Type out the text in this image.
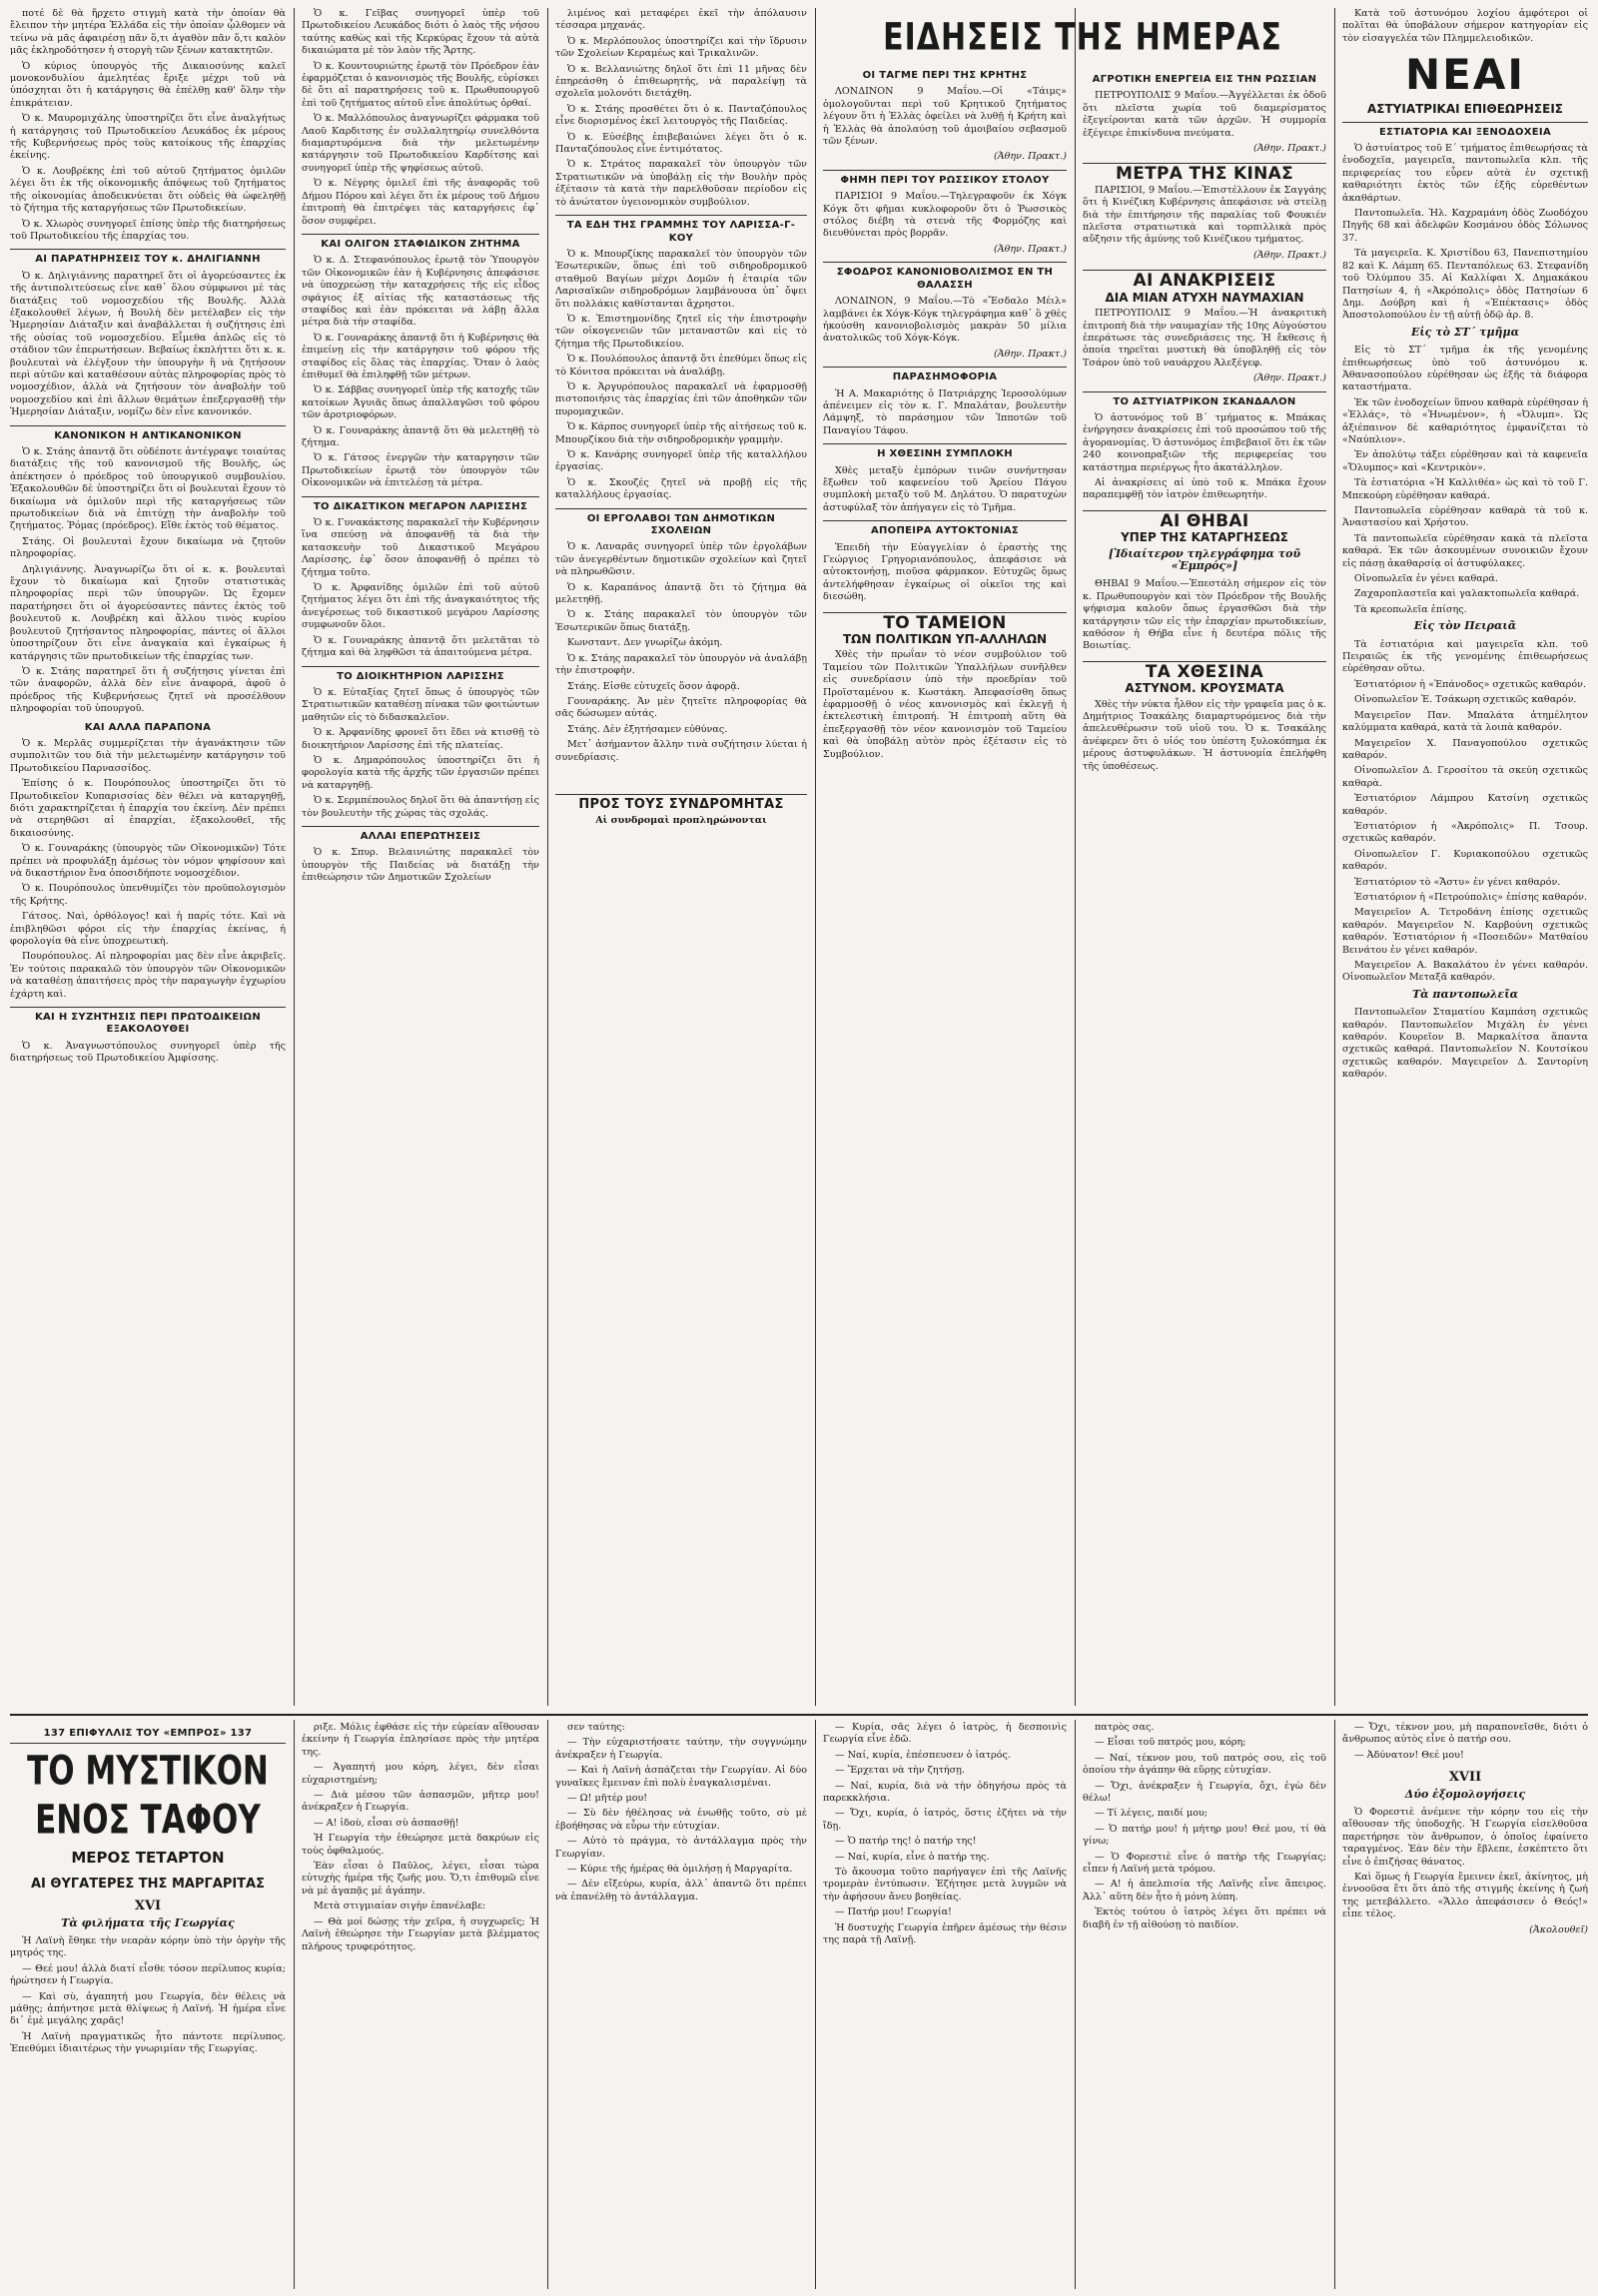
ποτέ δὲ θὰ ἤρχετο στιγμὴ κατὰ τὴν ὁποίαν θὰ ἔλειπον τὴν μητέρα Ἑλλάδα εἰς τὴν ὁποίαν ᾧλθομεν νὰ τείνω νὰ μᾶς ἀφαιρέσῃ πᾶν ὅ,τι ἀγαθὸν πᾶν ὅ,τι καλὸν μᾶς ἐκληροδότησεν ἡ στοργὴ τῶν ξένων κατακτητῶν.

Ὁ κύριος ὑπουργὸς τῆς Δικαιοσύνης καλεῖ μονοκονδυλίου ἀμελητέας ἔριξε μέχρι τοῦ νὰ ὑπόσχηται ὅτι ἡ κατάργησις θὰ ἐπέλθῃ καθ' ὅλην τὴν ἐπικράτειαν.

Ὁ κ. Μαυρομιχάλης ὑποστηρίζει ὅτι εἶνε ἀναλγήτως ἡ κατάργησις τοῦ Πρωτοδικείου Λευκάδος ἐκ μέρους τῆς Κυβερνήσεως πρὸς τοὺς κατοίκους τῆς ἐπαρχίας ἐκείνης.

Ὁ κ. Λουβρέκης ἐπὶ τοῦ αὐτοῦ ζητήματος ὁμιλῶν λέγει ὅτι ἐκ τῆς οἰκονομικῆς ἀπόψεως τοῦ ζητήματος τῆς οἰκονομίας ἀποδεικνύεται ὅτι οὐδεὶς θὰ ὠφεληθῇ τὸ ζήτημα τῆς καταργήσεως τῶν Πρωτοδικείων.

Ὁ κ. Χλωρὸς συνηγορεῖ ἐπίσης ὑπὲρ τῆς διατηρήσεως τοῦ Πρωτοδικείου τῆς ἐπαρχίας του.

ΑΙ ΠΑΡΑΤΗΡΗΣΕΙΣ ΤΟΥ κ. ΔΗΛΙΓΙΑΝΝΗ

Ὁ κ. Δηλιγιάννης παρατηρεῖ ὅτι οἱ ἀγορεύσαντες ἐκ τῆς ἀντιπολιτεύσεως εἶνε καθ᾽ ὅλου σύμφωνοι μὲ τὰς διατάξεις τοῦ νομοσχεδίου τῆς Βουλῆς. Ἀλλὰ ἐξακολουθεῖ λέγων, ἡ Βουλὴ δὲν μετέλαβεν εἰς τὴν Ἡμερησίαν Διάταξιν καὶ ἀναβάλλεται ἡ συζήτησις ἐπὶ τῆς οὐσίας τοῦ νομοσχεδίου. Εἶμεθα ἀπλῶς εἰς τὸ στάδιον τῶν ἐπερωτήσεων. Βεβαίως ἐκπλήττει ὅτι κ. κ. βουλευταὶ νὰ ἐλέγξουν τὴν ὑπουργὴν ἢ νὰ ζητήσουν περὶ αὐτῶν καὶ καταθέσουν αὐτὰς πληροφορίας πρὸς τὸ νομοσχέδιον, ἀλλὰ νὰ ζητήσουν τὸν ἀναβολὴν τοῦ νομοσχεδίου καὶ ἐπὶ ἄλλων θεμάτων ἐπεξεργασθῇ τὴν Ἡμερησίαν Διάταξιν, νομίζω δὲν εἶνε κανονικόν.

ΚΑΝΟΝΙΚΟΝ Η ΑΝΤΙΚΑΝΟΝΙΚΟΝ

Ὁ κ. Στάης ἀπαντᾷ ὅτι οὐδέποτε ἀντέγραψε τοιαύτας διατάξεις τῆς τοῦ κανονισμοῦ τῆς Βουλῆς, ὡς ἀπέκτησεν ὁ πρόεδρος τοῦ ὑπουργικοῦ συμβουλίου. Ἐξακολουθῶν δὲ ὑποστηρίζει ὅτι οἱ βουλευταὶ ἔχουν τὸ δικαίωμα νὰ ὁμιλοῦν περὶ τῆς καταργήσεως τῶν πρωτοδικείων διὰ νὰ ἐπιτύχῃ τὴν ἀναβολὴν τοῦ ζητήματος. Ῥόμας (πρόεδρος). Εἴθε ἐκτὸς τοῦ θέματος.

Στάης. Οἱ βουλευταὶ ἔχουν δικαίωμα νὰ ζητοῦν πληροφορίας.

Δηλιγιάννης. Ἀναγνωρίζω ὅτι οἱ κ. κ. βουλευταὶ ἔχουν τὸ δικαίωμα καὶ ζητοῦν στατιστικὰς πληροφορίας περὶ τῶν ὑπουργῶν. Ὡς ἔχομεν παρατήρησει ὅτι οἱ ἀγορεύσαντες πάντες ἐκτὸς τοῦ βουλευτοῦ κ. Λουβρέκη καὶ ἄλλου τινὸς κυρίου βουλευτοῦ ζητήσαντος πληροφορίας, πάντες οἱ ἄλλοι ὑποστηρίζουν ὅτι εἶνε ἀναγκαία καὶ ἐγκαίρως ἡ κατάργησις τῶν πρωτοδικείων τῆς ἐπαρχίας των.

Ὁ κ. Στάης παρατηρεῖ ὅτι ἡ συζήτησις γίνεται ἐπὶ τῶν ἀναφορῶν, ἀλλὰ δὲν εἶνε ἀναφορά, ἀφοῦ ὁ πρόεδρος τῆς Κυβερνήσεως ζητεῖ νὰ προσέλθουν πληροφορίαι τοῦ ὑπουργοῦ.

ΚΑΙ ΑΛΛΑ ΠΑΡΑΠΟΝΑ

Ὁ κ. Μερλᾶς συμμερίζεται τὴν ἀγανάκτησιν τῶν συμπολιτῶν του διὰ τὴν μελετωμένην κατάργησιν τοῦ Πρωτοδικείου Παρνασσίδος.

Ἐπίσης ὁ κ. Πουρόπουλος ὑποστηρίζει ὅτι τὸ Πρωτοδικεῖον Κυπαρισσίας δὲν θέλει νὰ καταργηθῇ, διότι χαρακτηρίζεται ἡ ἐπαρχία του ἐκείνη. Δὲν πρέπει νὰ στερηθῶσι αἱ ἐπαρχίαι, ἐξακολουθεῖ, τῆς δικαιοσύνης.

Ὁ κ. Γουναράκης (ὑπουργὸς τῶν Οἰκονομικῶν) Τότε πρέπει νὰ προφυλάξῃ ἀμέσως τὸν νόμον ψηφίσουν καὶ νὰ δικαστήριον ἔνα ὁποσιδήποτε νομοσχέδιον.

Ὁ κ. Πουρόπουλος ὑπενθυμίζει τὸν προϋπολογισμὸν τῆς Κρήτης.

Γάτσος. Ναὶ, ὀρθόλογος! καὶ ἡ παρίς τότε. Καὶ νὰ ἐπιβληθῶσι φόροι εἰς τὴν ἐπαρχίας ἐκείνας, ἡ φορολογία θὰ εἶνε ὑποχρεωτικὴ.

Πουρόπουλος. Αἱ πληροφορίαι μας δὲν εἶνε ἀκριβεῖς. Ἐν τούτοις παρακαλῶ τὸν ὑπουργὸν τῶν Οἰκονομικῶν νὰ καταθέσῃ ἀπαιτήσεις πρὸς τὴν παραγωγὴν ἐγχωρίου ἐχάρτη καὶ.

ΚΑΙ Η ΣΥΖΗΤΗΣΙΣ ΠΕΡΙ ΠΡΩΤΟΔΙΚΕΙΩΝ ΕΞΑΚΟΛΟΥΘΕΙ

Ὁ κ. Ἀναγνωστόπουλος συνηγορεῖ ὑπὲρ τῆς διατηρήσεως τοῦ Πρωτοδικείου Ἀμφίσσης.

Ὁ κ. Γεῖβας συνηγορεῖ ὑπὲρ τοῦ Πρωτοδικείου Λευκάδος διότι ὁ λαὸς τῆς νήσου ταύτης καθὼς καὶ τῆς Κερκύρας ἔχουν τὰ αὐτὰ δικαιώματα μὲ τὸν λαὸν τῆς Ἄρτης.

Ὁ κ. Κουντουριώτης ἐρωτᾷ τὸν Πρόεδρον ἐὰν ἐφαρμόζεται ὁ κανονισμὸς τῆς Βουλῆς, εὑρίσκει δὲ ὅτι αἱ παρατηρήσεις τοῦ κ. Πρωθυπουργοῦ ἐπὶ τοῦ ζητήματος αὐτοῦ εἶνε ἀπολύτως ὀρθαί.

Ὁ κ. Μαλλόπουλος ἀναγνωρίζει φάρμακα τοῦ Λαοῦ Καρδιτσης ἐν συλλαλητηρίῳ συνελθόντα διαμαρτυρόμενα διὰ τὴν μελετωμένην κατάργησιν τοῦ Πρωτοδικείου Καρδίτσης καὶ συνηγορεῖ ὑπὲρ τῆς ψηφίσεως αὐτοῦ.

Ὁ κ. Νέγρης ὁμιλεῖ ἐπὶ τῆς ἀναφορᾶς τοῦ Δήμου Πόρου καὶ λέγει ὅτι ἐκ μέρους τοῦ Δήμου ἐπιτροπὴ θὰ ἐπιτρέψει τὰς καταργήσεις ἐφ᾽ ὅσον συμφέρει.

ΚΑΙ ΟΛΙΓΟΝ ΣΤΑΦΙΔΙΚΟΝ ΖΗΤΗΜΑ

Ὁ κ. Δ. Στεφανόπουλος ἐρωτᾷ τὸν Ὑπουργὸν τῶν Οἰκονομικῶν ἐὰν ἡ Κυβέρνησις ἀπεφάσισε νὰ ὑποχρεώσῃ τὴν καταχρήσεις τῆς εἰς εἶδος σφάγιος ἐξ αἰτίας τῆς καταστάσεως τῆς σταφίδος καὶ ἐὰν πρόκειται νὰ λάβῃ ἄλλα μέτρα διὰ τὴν σταφίδα.

Ὁ κ. Γουναράκης ἀπαντᾷ ὅτι ἡ Κυβέρνησις θὰ ἐπιμείνῃ εἰς τὴν κατάργησιν τοῦ φόρου τῆς σταφίδος εἰς ὅλας τὰς ἐπαρχίας. Ὅταν ὁ λαὸς ἐπιθυμεῖ θὰ ἐπιληφθῇ τῶν μέτρων.

Ὁ κ. Σάββας συνηγορεῖ ὑπὲρ τῆς κατοχῆς τῶν κατοίκων Ἀγυιᾶς ὅπως ἀπαλλαγῶσι τοῦ φόρου τῶν ἀροτριοφόρων.

Ὁ κ. Γουναράκης ἀπαντᾷ ὅτι θὰ μελετηθῇ τὸ ζήτημα.

Ὁ κ. Γάτσος ἐνεργῶν τὴν καταργησιν τῶν Πρωτοδικείων ἐρωτᾷ τὸν ὑπουργὸν τῶν Οἰκονομικῶν νὰ ἐπιτελέσῃ τὰ μέτρα.

ΤΟ ΔΙΚΑΣΤΙΚΟΝ ΜΕΓΑΡΟΝ ΛΑΡΙΣΣΗΣ

Ὁ κ. Γυνακάκτσης παρακαλεῖ τὴν Κυβέρνησιν ἵνα σπεύσῃ νὰ ἀποφανθῇ τὰ διὰ τὴν κατασκευὴν τοῦ Δικαστικοῦ Μεγάρου Λαρίσσης, ἐφ᾽ ὅσον ἀποφανθῇ ὁ πρέπει τὸ ζήτημα τοῦτο.

Ὁ κ. Ἀρφανίδης ὁμιλῶν ἐπὶ τοῦ αὐτοῦ ζητήματος λέγει ὅτι ἐπὶ τῆς ἀναγκαιότητος τῆς ἀνεγέρσεως τοῦ δικαστικοῦ μεγάρου Λαρίσσης συμφωνοῦν ὅλοι.

Ὁ κ. Γουναράκης ἀπαντᾷ ὅτι μελετᾶται τὸ ζήτημα καὶ θὰ ληφθῶσι τὰ ἀπαιτούμενα μέτρα.

ΤΟ ΔΙΟΙΚΗΤΗΡΙΟΝ ΛΑΡΙΣΣΗΣ

Ὁ κ. Εὐταξίας ζητεῖ ὅπως ὁ ὑπουργὸς τῶν Στρατιωτικῶν καταθέσῃ πίνακα τῶν φοιτώντων μαθητῶν εἰς τὸ διδασκαλεῖον.

Ὁ κ. Ἀρφανίδης φρονεῖ ὅτι ἔδει νὰ κτισθῇ τὸ διοικητήριον Λαρίσσης ἐπὶ τῆς πλατείας.

Ὁ κ. Δημαρόπουλος ὑποστηρίζει ὅτι ἡ φορολογία κατὰ τῆς ἀρχῆς τῶν ἐργασιῶν πρέπει νὰ καταργηθῇ.

Ὁ κ. Σερμπέπουλος δηλοῖ ὅτι θὰ ἀπαντήσῃ εἰς τὸν βουλευτὴν τῆς χώρας τὰς σχολάς.

ΑΛΛΑΙ ΕΠΕΡΩΤΗΣΕΙΣ

Ὁ κ. Σπυρ. Βελαινιώτης παρακαλεῖ τὸν ὑπουργὸν τῆς Παιδείας νὰ διατάξῃ τὴν ἐπιθεώρησιν τῶν Δημοτικῶν Σχολείων

λιμένος καὶ μεταφέρει ἐκεῖ τὴν ἀπόλαυσιν τέσσαρα μηχανάς.

Ὁ κ. Μερλόπουλος ὑποστηρίζει καὶ τὴν ἵδρυσιν τῶν Σχολείων Κεραμέως καὶ Τρικαλινῶν.

Ὁ κ. Βελλανιώτης δηλοῖ ὅτι ἐπὶ 11 μῆνας δὲν ἐπηρεάσθη ὁ ἐπιθεωρητής, νὰ παραλείψῃ τὰ σχολεῖα μολονότι διετάχθη.

Ὁ κ. Στάης προσθέτει ὅτι ὁ κ. Πανταζόπουλος εἶνε διορισμένος ἐκεῖ λειτουργὸς τῆς Παιδείας.

Ὁ κ. Εὐσέβης ἐπιβεβαιώνει λέγει ὅτι ὁ κ. Πανταζόπουλος εἶνε ἐντιμότατος.

Ὁ κ. Στράτος παρακαλεῖ τὸν ὑπουργὸν τῶν Στρατιωτικῶν νὰ ὑποβάλῃ εἰς τὴν Βουλὴν πρὸς ἐξέτασιν τὰ κατὰ τὴν παρελθοῦσαν περίοδον εἰς τὸ ἀνώτατον ὑγειονομικὸν συμβούλιον.

ΤΑ ΕΔΗ ΤΗΣ ΓΡΑΜΜΗΣ ΤΟΥ ΛΑΡΙΣΣΑ-Γ-ΚΟΥ

Ὁ κ. Μπουρζίκης παρακαλεῖ τὸν ὑπουργὸν τῶν Ἐσωτερικῶν, ὅπως ἐπὶ τοῦ σιδηροδρομικοῦ σταθμοῦ Βαγίων μέχρι Δομῶν ἡ ἑταιρία τῶν Λαρισαϊκῶν σιδηροδρόμων λαμβάνουσα ὑπ᾽ ὄψει ὅτι πολλάκις καθίστανται ἄχρηστοι.

Ὁ κ. Ἐπιστημονίδης ζητεῖ εἰς τὴν ἐπιστροφὴν τῶν οἰκογενειῶν τῶν μεταναστῶν καὶ εἰς τὸ ζήτημα τῆς Πρωτοδικείου.

Ὁ κ. Πουλόπουλος ἀπαντᾷ ὅτι ἐπεθύμει ὅπως εἰς τὸ Κόνιτσα πρόκειται νὰ ἀναλάβῃ.

Ὁ κ. Ἀργυρόπουλος παρακαλεῖ νὰ ἐφαρμοσθῇ πιστοποιήσις τὰς ἐπαρχίας ἐπὶ τῶν ἀποθηκῶν τῶν πυρομαχικῶν.

Ὁ κ. Κάρπος συνηγορεῖ ὑπὲρ τῆς αἰτήσεως τοῦ κ. Μπουρζίκου διὰ τὴν σιδηροδρομικὴν γραμμὴν.

Ὁ κ. Κανάρης συνηγορεῖ ὑπὲρ τῆς καταλλήλου ἐργασίας.

Ὁ κ. Σκουζές ζητεῖ νὰ προβῇ εἰς τῆς καταλλήλους ἐργασίας.

ΟΙ ΕΡΓΟΛΑΒΟΙ ΤΩΝ ΔΗΜΟΤΙΚΩΝ ΣΧΟΛΕΙΩΝ

Ὁ κ. Λαναρᾶς συνηγορεῖ ὑπὲρ τῶν ἐργολάβων τῶν ἀνεγερθέντων δημοτικῶν σχολείων καὶ ζητεῖ νὰ πληρωθῶσιν.

Ὁ κ. Καραπάνος ἀπαντᾷ ὅτι τὸ ζήτημα θὰ μελετηθῇ.

Ὁ κ. Στάης παρακαλεῖ τὸν ὑπουργὸν τῶν Ἐσωτερικῶν ὅπως διατάξῃ.

Κωνσταντ. Δεν γνωρίζω ἀκόμη.

Ὁ κ. Στάης παρακαλεῖ τὸν ὑπουργὸν νὰ ἀναλάβῃ τὴν ἐπιστροφὴν.

Στάης. Εἰσθε εὐτυχεῖς ὅσον ἀφορᾷ.

Γουναράκης. Ἀν μὲν ζητεῖτε πληροφορίας θὰ σᾶς δώσωμεν αὐτάς.

Στάης. Δὲν ἐξητήσαμεν εὐθύνας.

Μετ᾽ ἀσήμαντον ἄλλην τινὰ συζήτησιν λύεται ἡ συνεδρίασις.

ΠΡΟΣ ΤΟΥΣ ΣΥΝΔΡΟΜΗΤΑΣ

Αἱ συνδρομαὶ προπληρώνονται

ΕΙΔΗΣΕΙΣ ΤΗΣ ΗΜΕΡΑΣ
ΟΙ ΤΑΓΜΕ ΠΕΡΙ ΤΗΣ ΚΡΗΤΗΣ

ΛΟΝΔΙΝΟΝ 9 Μαΐου.—Οἱ «Τάιμς» ὁμολογοῦνται περὶ τοῦ Κρητικοῦ ζητήματος λέγουν ὅτι ἡ Ἑλλὰς ὀφείλει νὰ λυθῇ ἡ Κρήτη καὶ ἡ Ἑλλὰς θὰ ἀπολαύσῃ τοῦ ἀμοιβαίου σεβασμοῦ τῶν ξένων.

(Ἀθην. Πρακτ.)

ΦΗΜΗ ΠΕΡΙ ΤΟΥ ΡΩΣΣΙΚΟΥ ΣΤΟΛΟΥ

ΠΑΡΙΣΙΟΙ 9 Μαΐου.—Τηλεγραφοῦν ἐκ Χόγκ Κόγκ ὅτι φῆμαι κυκλοφοροῦν ὅτι ὁ Ῥωσσικὸς στόλος διέβη τὰ στενὰ τῆς Φορμόζης καὶ διευθύνεται πρὸς βορρᾶν.

(Ἀθην. Πρακτ.)

ΣΦΟΔΡΟΣ ΚΑΝΟΝΙΟΒΟΛΙΣΜΟΣ ΕΝ ΤΗ ΘΑΛΑΣΣΗ

ΛΟΝΔΙΝΟΝ, 9 Μαΐου.—Τὸ «Ἔσδαλο Μέιλ» λαμβάνει ἐκ Χόγκ-Κόγκ τηλεγράφημα καθ᾽ ὃ χθὲς ἠκούσθη κανονιοβολισμὸς μακρὰν 50 μίλια ἀνατολικῶς τοῦ Χόγκ-Κόγκ.

(Ἀθην. Πρακτ.)

ΠΑΡΑΣΗΜΟΦΟΡΙΑ

Ἡ Α. Μακαριότης ὁ Πατριάρχης Ἱεροσολύμων ἀπένειμεν εἰς τὸν κ. Γ. Μπαλάταν, βουλευτὴν Λάμψηξ, τὸ παράσημον τῶν Ἱπποτῶν τοῦ Παναγίου Τάφου.

Η ΧΘΕΣΙΝΗ ΣΥΜΠΛΟΚΗ

Χθὲς μεταξὺ ἐμπόρων τινῶν συνήντησαν ἔξωθεν τοῦ καφενείου τοῦ Ἀρείου Πάγου συμπλοκὴ μεταξὺ τοῦ Μ. Δηλάτου. Ὁ παρατυχὼν ἀστυφύλαξ τὸν ἀπήγαγεν εἰς τὸ Τμῆμα.

ΑΠΟΠΕΙΡΑ ΑΥΤΟΚΤΟΝΙΑΣ

Ἐπειδὴ τὴν Εὐαγγελίαν ὁ ἐραστὴς της Γεώργιος Γρηγοριανόπουλος, ἀπεφάσισε νὰ αὐτοκτονήσῃ, πιοῦσα φάρμακον. Εὐτυχῶς ὅμως ἀντελήφθησαν ἐγκαίρως οἱ οἰκεῖοι της καὶ διεσώθη.

ΤΟ ΤΑΜΕΙΟΝ
ΤΩΝ ΠΟΛΙΤΙΚΩΝ ΥΠ-ΑΛΛΗΛΩΝ

Χθὲς τὴν πρωΐαν τὸ νέον συμβούλιον τοῦ Ταμείου τῶν Πολιτικῶν Ὑπαλλήλων συνῆλθεν εἰς συνεδρίασιν ὑπὸ τὴν προεδρίαν τοῦ Προϊσταμένου κ. Κωστάκη. Ἀπεφασίσθη ὅπως ἐφαρμοσθῇ ὁ νέος κανονισμὸς καὶ ἐκλεγῇ ἡ ἐκτελεστικὴ ἐπιτροπή. Ἡ ἐπιτροπὴ αὕτη θὰ ἐπεξεργασθῇ τὸν νέον κανονισμὸν τοῦ Ταμείου καὶ θὰ ὑποβάλῃ αὐτὸν πρὸς ἐξέτασιν εἰς τὸ Συμβούλιον.

ΑΓΡΟΤΙΚΗ ΕΝΕΡΓΕΙΑ ΕΙΣ ΤΗΝ ΡΩΣΣΙΑΝ

ΠΕΤΡΟΥΠΟΛΙΣ 9 Μαΐου.—Ἀγγέλλεται ἐκ ὁδοῦ ὅτι πλεῖστα χωρία τοῦ διαμερίσματος ἐξεγείρονται κατὰ τῶν ἀρχῶν. Ἡ συμμορία ἐξέγειρε ἐπικίνδυνα πνεύματα.

(Ἀθην. Πρακτ.)

ΜΕΤΡΑ ΤΗΣ ΚΙΝΑΣ

ΠΑΡΙΣΙΟΙ, 9 Μαΐου.—Ἐπιστέλλουν ἐκ Σαγγάης ὅτι ἡ Κινέζικη Κυβέρνησις ἀπεφάσισε νὰ στείλῃ διὰ τὴν ἐπιτήρησιν τῆς παραλίας τοῦ Φουκιέν πλεῖστα στρατιωτικὰ καὶ τορπιλλικὰ πρὸς αὔξησιν τῆς ἀμύνης τοῦ Κινέζικου τμήματος.

(Ἀθην. Πρακτ.)

ΑΙ ΑΝΑΚΡΙΣΕΙΣ
ΔΙΑ ΜΙΑΝ ΑΤΥΧΗ ΝΑΥΜΑΧΙΑΝ

ΠΕΤΡΟΥΠΟΛΙΣ 9 Μαΐου.—Ἡ ἀνακριτικὴ ἐπιτροπὴ διὰ τὴν ναυμαχίαν τῆς 10ης Αὐγούστου ἐπεράτωσε τὰς συνεδριάσεις της. Ἡ ἔκθεσις ἡ ὁποία τηρεῖται μυστικὴ θὰ ὑποβληθῇ εἰς τὸν Τσάρον ὑπὸ τοῦ ναυάρχου Ἀλεξέγεφ.

(Ἀθην. Πρακτ.)

ΤΟ ΑΣΤΥΙΑΤΡΙΚΟΝ ΣΚΑΝΔΑΛΟΝ

Ὁ ἀστυνόμος τοῦ Β΄ τμήματος κ. Μπάκας ἐνήργησεν ἀνακρίσεις ἐπὶ τοῦ προσώπου τοῦ τῆς ἀγορανομίας. Ὁ ἀστυνόμος ἐπιβεβαιοῖ ὅτι ἐκ τῶν 240 κοινοπραξιῶν τῆς περιφερείας του κατάστημα περιέργως ἦτο ἀκατάλληλον.

Αἱ ἀνακρίσεις αἱ ὑπὸ τοῦ κ. Μπάκα ἔχουν παραπεμφθῇ τὸν ἰατρὸν ἐπιθεωρητὴν.

ΑΙ ΘΗΒΑΙ
ΥΠΕΡ ΤΗΣ ΚΑΤΑΡΓΗΣΕΩΣ
[Ἰδιαίτερον τηλεγράφημα τοῦ «Ἐμπρός»]

ΘΗΒΑΙ 9 Μαΐου.—Ἐπεστάλη σήμερον εἰς τὸν κ. Πρωθυπουργὸν καὶ τὸν Πρόεδρον τῆς Βουλῆς ψήφισμα καλοῦν ὅπως ἐργασθῶσι διὰ τὴν κατάργησιν τῶν εἰς τὴν ἐπαρχίαν πρωτοδικείων, καθόσον ἡ Θήβα εἶνε ἡ δευτέρα πόλις τῆς Βοιωτίας.

ΤΑ ΧΘΕΣΙΝΑ
ΑΣΤΥΝΟΜ. ΚΡΟΥΣΜΑΤΑ

Χθὲς τὴν νύκτα ἦλθον εἰς τὴν γραφεῖα μας ὁ κ. Δημήτριος Τσακάλης διαμαρτυρόμενος διὰ τὴν ἀπελευθέρωσιν τοῦ υἱοῦ του. Ὁ κ. Τσακάλης ἀνέφερεν ὅτι ὁ υἱός του ὑπέστη ξυλοκόπημα ἐκ μέρους ἀστυφυλάκων. Ἡ ἀστυνομία ἐπελήφθη τῆς ὑποθέσεως.

Κατὰ τοῦ ἀστυνόμου λοχίου ἀμφότεροι οἱ πολῖται θὰ ὑποβάλουν σήμερον κατηγορίαν εἰς τὸν εἰσαγγελέα τῶν Πλημμελειοδικῶν.

ΝΕΑΙ
ΑΣΤΥΙΑΤΡΙΚΑΙ ΕΠΙΘΕΩΡΗΣΕΙΣ
ΕΣΤΙΑΤΟΡΙΑ ΚΑΙ ΞΕΝΟΔΟΧΕΙΑ

Ὁ ἀστυίατρος τοῦ Ε΄ τμήματος ἐπιθεωρήσας τὰ ἑνοδοχεῖα, μαγειρεῖα, παντοπωλεῖα κλπ. τῆς περιφερείας του εὗρεν αὐτὰ ἐν σχετικῇ καθαριότητι ἐκτὸς τῶν ἑξῆς εὑρεθέντων ἀκαθάρτων.

Παντοπωλεῖα. Ἠλ. Καχραμάνη ὁδὸς Ζωοδόχου Πηγῆς 68 καὶ ἀδελφῶν Κοσμάνου ὁδὸς Σόλωνος 37.

Τὰ μαγειρεῖα. Κ. Χριστίδου 63, Πανεπιστημίου 82 καὶ Κ. Λάμπη 65. Πενταπόλεως 63. Στεφανίδη τοῦ Ὀλύμπου 35. Αἱ Καλλίφαι Χ. Δημακάκου Πατησίων 4, ἡ «Ἀκρόπολις» ὁδὸς Πατησίων 6 Δημ. Δούβρη καὶ ἡ «Ἐπέκτασις» ὁδὸς Ἀποστολοπούλου ἐν τῇ αὐτῇ ὁδῷ ἀρ. 8.

Εἰς τὸ ΣΤ΄ τμῆμα

Εἰς τὸ ΣΤ΄ τμῆμα ἐκ τῆς γενομένης ἐπιθεωρήσεως ὑπὸ τοῦ ἀστυνόμου κ. Ἀθανασοπούλου εὑρέθησαν ὡς ἑξῆς τὰ διάφορα καταστήματα.

Ἐκ τῶν ἑνοδοχείων ὕπνου καθαρὰ εὑρέθησαν ἡ «Ἑλλάς», τὸ «Ἡνωμένον», ἡ «Ὀλυμπ». Ὡς ἀξιέπαινον δὲ καθαριότητος ἐμφανίζεται τὸ «Ναύπλιον».

Ἐν ἀπολύτῳ τάξει εὑρέθησαν καὶ τὰ καφενεῖα «Ὄλυμπος» καὶ «Κεντρικὸν».

Τὰ ἑστιατόρια «Ἡ Καλλιθέα» ὡς καὶ τὸ τοῦ Γ. Μπεκούρη εὑρέθησαν καθαρά.

Παντοπωλεῖα εὑρέθησαν καθαρὰ τὰ τοῦ κ. Ἀναστασίου καὶ Χρήστου.

Τὰ παντοπωλεῖα εὑρέθησαν κακὰ τὰ πλεῖστα καθαρά. Ἐκ τῶν ἀσκουμένων συνοικιῶν ἔχουν εἰς πάσῃ ἀκαθαρσίᾳ οἱ ἀστυφύλακες.

Οἰνοπωλεῖα ἐν γένει καθαρά.

Ζαχαροπλαστεῖα καὶ γαλακτοπωλεῖα καθαρά.

Τὰ κρεοπωλεῖα ἐπίσης.

Εἰς τὸν Πειραιᾶ

Τὰ ἑστιατόρια καὶ μαγειρεῖα κλπ. τοῦ Πειραιῶς ἐκ τῆς γενομένης ἐπιθεωρήσεως εὑρέθησαν οὕτω.

Ἑστιατόριον ἡ «Ἐπάνοδος» σχετικῶς καθαρόν.

Οἰνοπωλεῖον Ἐ. Τσάκωρη σχετικῶς καθαρόν.

Μαγειρεῖον Παν. Μπαλάτα ἀτημέλητον καλύμματα καθαρά, κατὰ τὰ λοιπὰ καθαρόν.

Μαγειρεῖον Χ. Παναγοπούλου σχετικῶς καθαρόν.

Οἰνοπωλεῖον Δ. Γεροσίτου τὰ σκεύη σχετικῶς καθαρὰ.

Ἑστιατόριον Λάμπρου Κατσίνη σχετικῶς καθαρόν.

Ἑστιατόριον ἡ «Ἀκρόπολις» Π. Τσουρ. σχετικῶς καθαρόν.

Οἰνοπωλεῖον Γ. Κυριακοπούλου σχετικῶς καθαρόν.

Ἑστιατόριον τὸ «Ἄστυ» ἐν γένει καθαρόν.

Ἑστιατόριον ἡ «Πετρούπολις» ἐπίσης καθαρόν.

Μαγειρεῖον Α. Τετροδάνη ἐπίσης σχετικῶς καθαρόν. Μαγειρεῖον Ν. Καρβούνη σχετικῶς καθαρόν. Ἑστιατόριον ἡ «Ποσειδῶν» Ματθαίου Βεινάτου ἐν γένει καθαρόν.

Μαγειρεῖον Α. Βακαλάτου ἐν γένει καθαρόν. Οἰνοπωλεῖον Μεταξᾶ καθαρόν.

Τὰ παντοπωλεῖα

Παντοπωλεῖον Σταματίου Καμπάση σχετικῶς καθαρόν. Παντοπωλεῖον Μιχάλη ἐν γένει καθαρόν. Κουρεῖον Β. Μαρκαλίτσα ἅπαντα σχετικῶς καθαρά. Παντοπωλεῖον Ν. Κουτσίκου σχετικῶς καθαρόν. Μαγειρεῖον Δ. Σαντορίνη καθαρόν.

137 ΕΠΙΦΥΛΛΙΣ ΤΟΥ «ΕΜΠΡΟΣ» 137
ΤΟ ΜΥΣΤΙΚΟΝ ΕΝΟΣ ΤΑΦΟΥ
ΜΕΡΟΣ ΤΕΤΑΡΤΟΝ
ΑΙ ΘΥΓΑΤΕΡΕΣ ΤΗΣ ΜΑΡΓΑΡΙΤΑΣ
XVI
Τὰ φιλήματα τῆς Γεωργίας

Ἡ Λαϊνὴ ἔθηκε τὴν νεαρὰν κόρην ὑπὸ τὴν ὀργὴν τῆς μητρός της.

— Θεέ μου! ἀλλὰ διατί εἶσθε τόσον περίλυπος κυρία; ἠρώτησεν ἡ Γεωργία.

— Καὶ σὺ, ἀγαπητή μου Γεωργία, δὲν θέλεις νὰ μάθῃς; ἀπήντησε μετὰ θλίψεως ἡ Λαϊνή. Ἡ ἡμέρα εἶνε δι᾽ ἐμὲ μεγάλης χαρᾶς!

Ἡ Λαϊνὴ πραγματικῶς ἦτο πάντοτε περίλυπος. Ἐπεθύμει ἰδιαιτέρως τὴν γνωριμίαν τῆς Γεωργίας.

ριξε. Μόλις ἐφθάσε εἰς τὴν εὐρείαν αἴθουσαν ἐκείνην ἡ Γεωργία ἐπλησίασε πρὸς τὴν μητέρα της.

— Ἀγαπητή μου κόρη, λέγει, δὲν εἶσαι εὐχαριστημένη;

— Διὰ μέσου τῶν ἀσπασμῶν, μῆτερ μου! ἀνέκραξεν ἡ Γεωργία.

— Α! ἰδοὺ, εἶσαι σὺ ἀσπασθῇ!

Ἡ Γεωργία τὴν ἐθεώρησε μετὰ δακρύων εἰς τοὺς ὀφθαλμούς.

Ἐὰν εἶσαι ὁ Παῦλος, λέγει, εἶσαι τώρα εὐτυχὴς ἡμέρα τῆς ζωῆς μου. Ὅ,τι ἐπιθυμῶ εἶνε νὰ μὲ ἀγαπᾷς μὲ ἀγάπην.

Μετὰ στιγμιαίαν σιγὴν ἐπανέλαβε:

— Θὰ μοί δώσῃς τὴν χεῖρα, ἡ συγχωρεῖς; Ἡ Λαϊνὴ ἐθεώρησε τὴν Γεωργίαν μετὰ βλέμματος πλήρους τρυφερότητος.

σεν ταύτης:

— Τὴν εὐχαριστήσατε ταύτην, τὴν συγγνώμην ἀνέκραξεν ἡ Γεωργία.

— Καὶ ἡ Λαϊνὴ ἀσπάζεται τὴν Γεωργίαν. Αἱ δύο γυναῖκες ἔμειναν ἐπὶ πολὺ ἐναγκαλισμέναι.

— Ω! μῆτέρ μου!

— Σὺ δὲν ἠθέλησας νὰ ἐνωθῇς τοῦτο, σὺ μὲ ἐβοήθησας νὰ εὗρω τὴν εὐτυχίαν.

— Αὐτὸ τὸ πράγμα, τὸ ἀντάλλαγμα πρὸς τὴν Γεωργίαν.

— Κύριε τῆς ἡμέρας θὰ ὁμιλήσῃ ἡ Μαργαρίτα.

— Δὲν εἴξεύρω, κυρία, ἀλλ᾽ ἀπαντῶ ὅτι πρέπει νὰ ἐπανέλθῃ τὸ ἀντάλλαγμα.

— Κυρία, σᾶς λέγει ὁ ἰατρὸς, ἡ δεσποινὶς Γεωργία εἶνε ἐδῶ.

— Ναί, κυρία, ἐπέσπευσεν ὁ ἰατρός.

— Ἔρχεται νὰ τὴν ζητήσῃ.

— Ναί, κυρία, διὰ νὰ τὴν ὁδηγήσω πρὸς τὰ παρεκκλήσια.

— Ὄχι, κυρία, ὁ ἰατρός, ὅστις ἐζήτει νὰ τὴν ἴδῃ.

— Ὁ πατήρ της! ὁ πατήρ της!

— Ναί, κυρία, εἶνε ὁ πατήρ της.

Τὸ ἄκουσμα τοῦτο παρήγαγεν ἐπὶ τῆς Λαϊνῆς τρομερὰν ἐντύπωσιν. Ἐζήτησε μετὰ λυγμῶν νὰ τὴν ἀφήσουν ἄνευ βοηθείας.

— Πατήρ μου! Γεωργία!

Ἡ δυστυχὴς Γεωργία ἐπῆρεν ἀμέσως τὴν θέσιν της παρὰ τῇ Λαϊνῇ.

πατρὸς σας.

— Εἶσαι τοῦ πατρός μου, κόρη;

— Ναί, τέκνον μου, τοῦ πατρός σου, εἰς τοῦ ὁποίου τὴν ἀγάπην θὰ εὕρῃς εὐτυχίαν.

— Ὄχι, ἀνέκραξεν ἡ Γεωργία, ὄχι, ἐγὼ δὲν θέλω!

— Τί λέγεις, παιδί μου;

— Ὁ πατήρ μου! ἡ μήτηρ μου! Θεέ μου, τί θὰ γίνω;

— Ὁ Φορεστιὲ εἶνε ὁ πατὴρ τῆς Γεωργίας; εἶπεν ἡ Λαϊνή μετὰ τρόμου.

— Α! ἡ ἀπελπισία τῆς Λαϊνῆς εἶνε ἄπειρος. Ἀλλ᾽ αὕτη δὲν ἦτο ἡ μόνη λύπη.

Ἐκτὸς τούτου ὁ ἰατρὸς λέγει ὅτι πρέπει νὰ διαβῆ ἐν τῇ αἰθούσῃ τὸ παιδίον.

— Ὄχι, τέκνον μου, μὴ παραπονεῖσθε, διότι ὁ ἄνθρωπος αὐτὸς εἶνε ὁ πατήρ σου.

— Ἀδύνατον! Θεέ μου!

XVII
Δύο ἐξομολογήσεις

Ὁ Φορεστιὲ ἀνέμενε τὴν κόρην του εἰς τὴν αἴθουσαν τῆς ὑποδοχῆς. Ἡ Γεωργία εἰσελθοῦσα παρετήρησε τὸν ἄνθρωπον, ὁ ὁποῖος ἐφαίνετο ταραγμένος. Ἐὰν δὲν τὴν ἔβλεπε, ἐσκέπτετο ὅτι εἶνε ὁ ἐπιζήσας θάνατος.

Καὶ ὅμως ἡ Γεωργία ἔμεινεν ἐκεῖ, ἀκίνητος, μὴ ἐννοοῦσα ἔτι ὅτι ἀπὸ τῆς στιγμῆς ἐκείνης ἡ ζωή της μετεβάλλετο. «Ἄλλο ἀπεφάσισεν ὁ Θεός!» εἶπε τέλος.

(Ἀκολουθεῖ)
